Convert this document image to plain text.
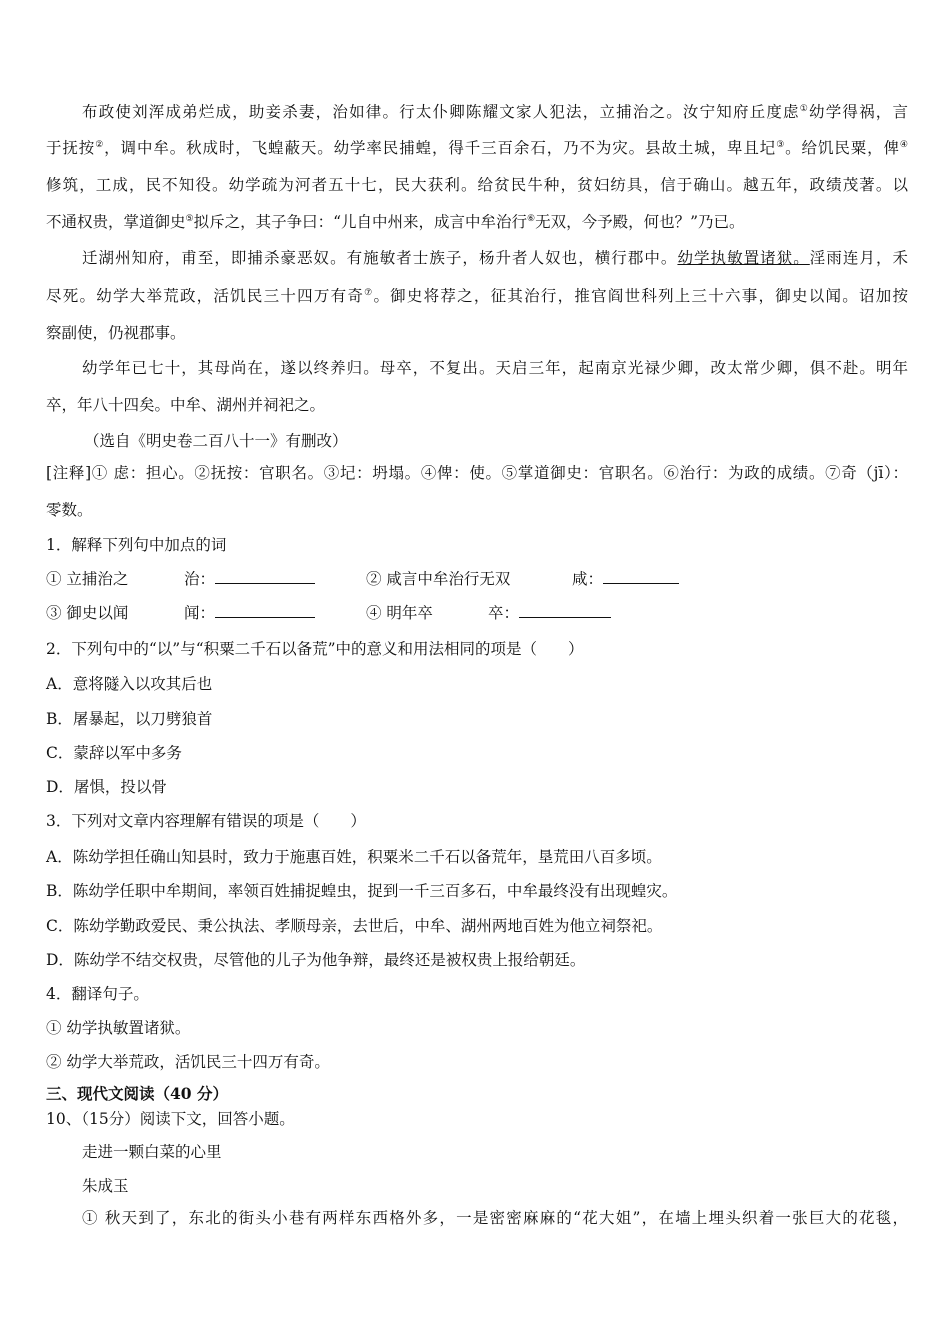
布政使刘浑成弟烂成，助妾杀妻，治如律。行太仆卿陈耀文家人犯法，立捕治之。汝宁知府丘度虑①幼学得祸，言
于抚按②，调中牟。秋成时，飞蝗蔽天。幼学率民捕蝗，得千三百余石，乃不为灾。县故土城，卑且圮③。给饥民粟，俾④
修筑，工成，民不知役。幼学疏为河者五十七，民大获利。给贫民牛种，贫妇纺具，信于确山。越五年，政绩茂著。以
不通权贵，掌道御史⑤拟斥之，其子争曰：“儿自中州来，成言中牟治行⑥无双，今予殿，何也？”乃已。
迁湖州知府，甫至，即捕杀豪恶奴。有施敏者士族子，杨升者人奴也，横行郡中。幼学执敏置诸狱。淫雨连月，禾
尽死。幼学大举荒政，活饥民三十四万有奇⑦。御史将荐之，征其治行，推官阎世科列上三十六事，御史以闻。诏加按
察副使，仍视郡事。
幼学年已七十，其母尚在，遂以终养归。母卒，不复出。天启三年，起南京光禄少卿，改太常少卿，俱不赴。明年
卒，年八十四矣。中牟、湖州并祠祀之。
（选自《明史卷二百八十一》有删改）
[注释]① 虑：担心。②抚按：官职名。③圮：坍塌。④俾：使。⑤掌道御史：官职名。⑥治行：为政的成绩。⑦奇（jī）：
零数。
1．解释下列句中加点的词
① 立捕治之	治：	② 咸言中牟治行无双	咸：
③ 御史以闻	闻：	④ 明年卒	卒：
2．下列句中的“以”与“积粟二千石以备荒”中的意义和用法相同的项是（　　）
A．意将隧入以攻其后也
B．屠暴起，以刀劈狼首
C．蒙辞以军中多务
D．屠惧，投以骨
3．下列对文章内容理解有错误的项是（　　）
A．陈幼学担任确山知县时，致力于施惠百姓，积粟米二千石以备荒年，垦荒田八百多顷。
B．陈幼学任职中牟期间，率领百姓捕捉蝗虫，捉到一千三百多石，中牟最终没有出现蝗灾。
C．陈幼学勤政爱民、秉公执法、孝顺母亲，去世后，中牟、湖州两地百姓为他立祠祭祀。
D．陈幼学不结交权贵，尽管他的儿子为他争辩，最终还是被权贵上报给朝廷。
4．翻译句子。
① 幼学执敏置诸狱。
② 幼学大举荒政，活饥民三十四万有奇。
三、现代文阅读（40 分）
10、（15分）阅读下文，回答小题。
走进一颗白菜的心里
朱成玉
① 秋天到了，东北的街头小巷有两样东西格外多，一是密密麻麻的“花大姐”，在墙上埋头织着一张巨大的花毯，
